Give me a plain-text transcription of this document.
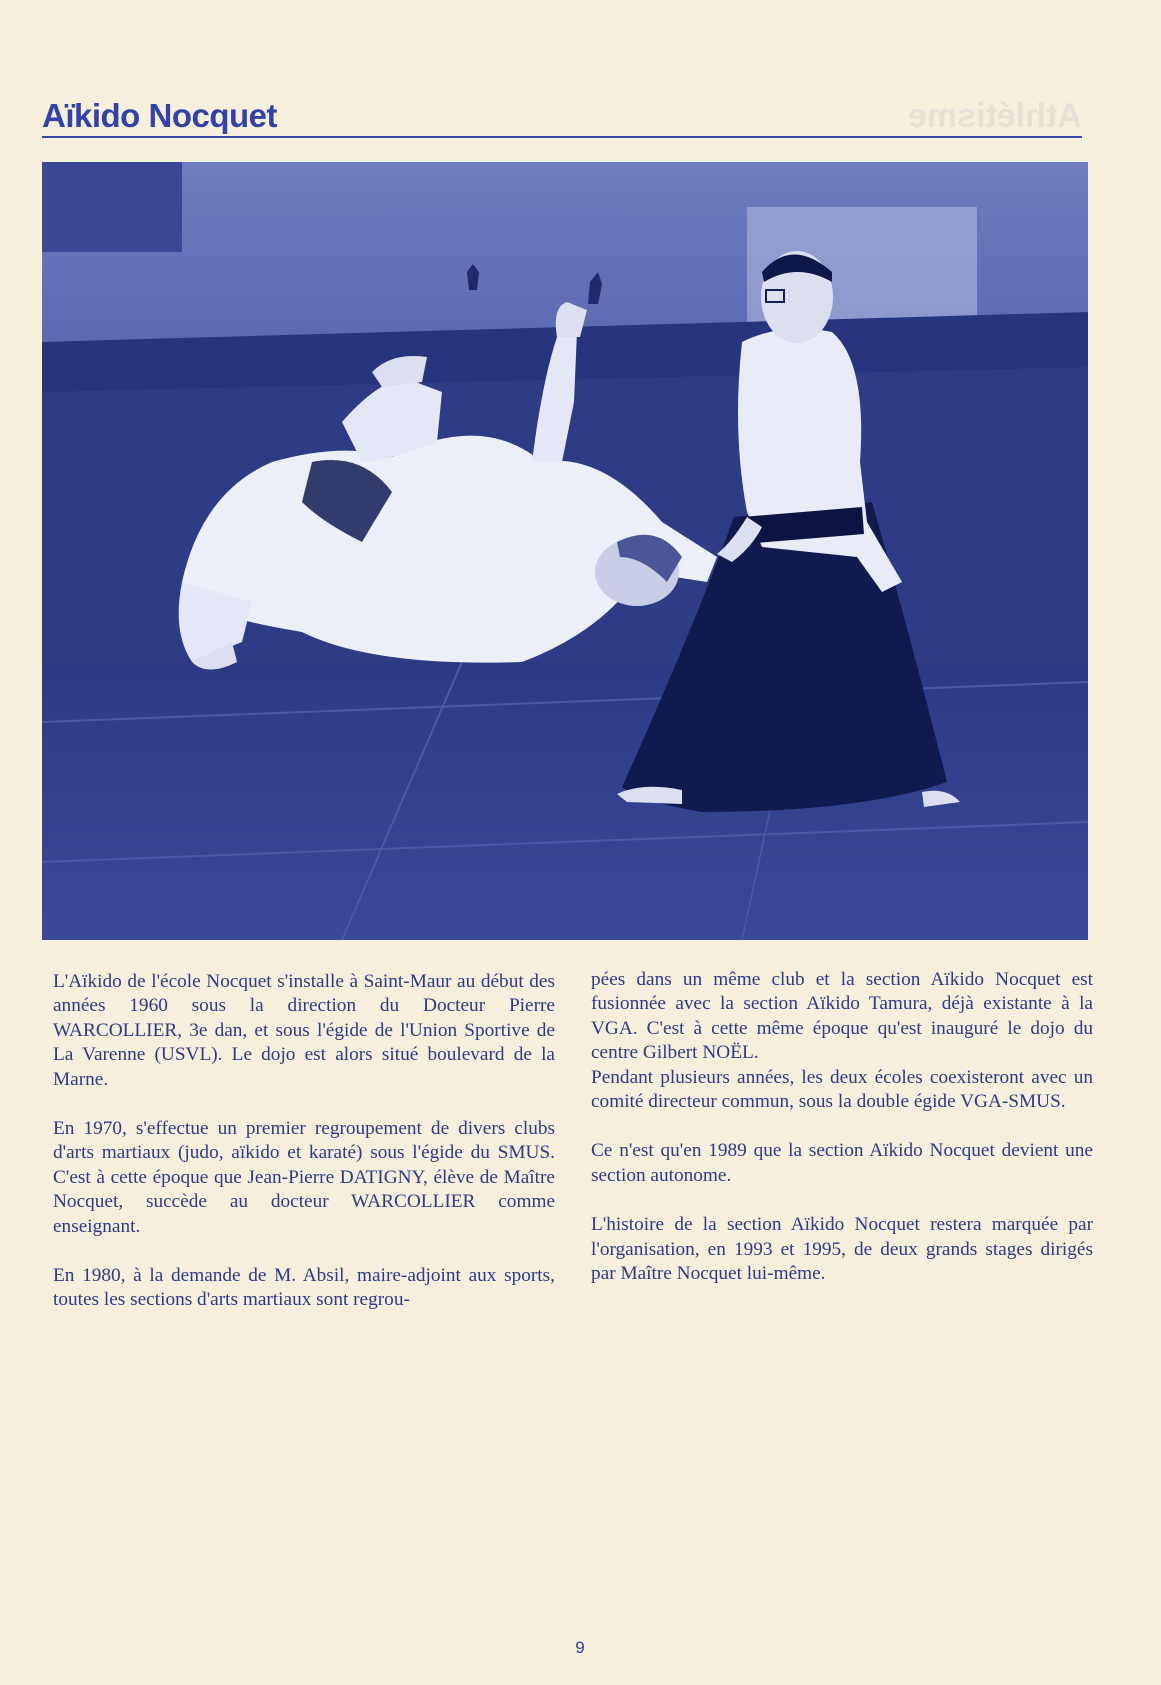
Aïkido Nocquet	Athlétisme

L'Aïkido de l'école Nocquet s'installe à Saint-Maur au début des années 1960 sous la direction du Docteur Pierre WARCOLLIER, 3e dan, et sous l'égide de l'Union Sportive de La Varenne (USVL). Le dojo est alors situé boulevard de la Marne.

En 1970, s'effectue un premier regroupement de divers clubs d'arts martiaux (judo, aïkido et karaté) sous l'égide du SMUS. C'est à cette époque que Jean-Pierre DATIGNY, élève de Maître Nocquet, succède au docteur WARCOLLIER comme enseignant.

En 1980, à la demande de M. Absil, maire-adjoint aux sports, toutes les sections d'arts martiaux sont regrou-

pées dans un même club et la section Aïkido Nocquet est fusionnée avec la section Aïkido Tamura, déjà existante à la VGA. C'est à cette même époque qu'est inauguré le dojo du centre Gilbert NOËL.

Pendant plusieurs années, les deux écoles coexisteront avec un comité directeur commun, sous la double égide VGA-SMUS.

Ce n'est qu'en 1989 que la section Aïkido Nocquet devient une section autonome.

L'histoire de la section Aïkido Nocquet restera marquée par l'organisation, en 1993 et 1995, de deux grands stages dirigés par Maître Nocquet lui-même.

9
